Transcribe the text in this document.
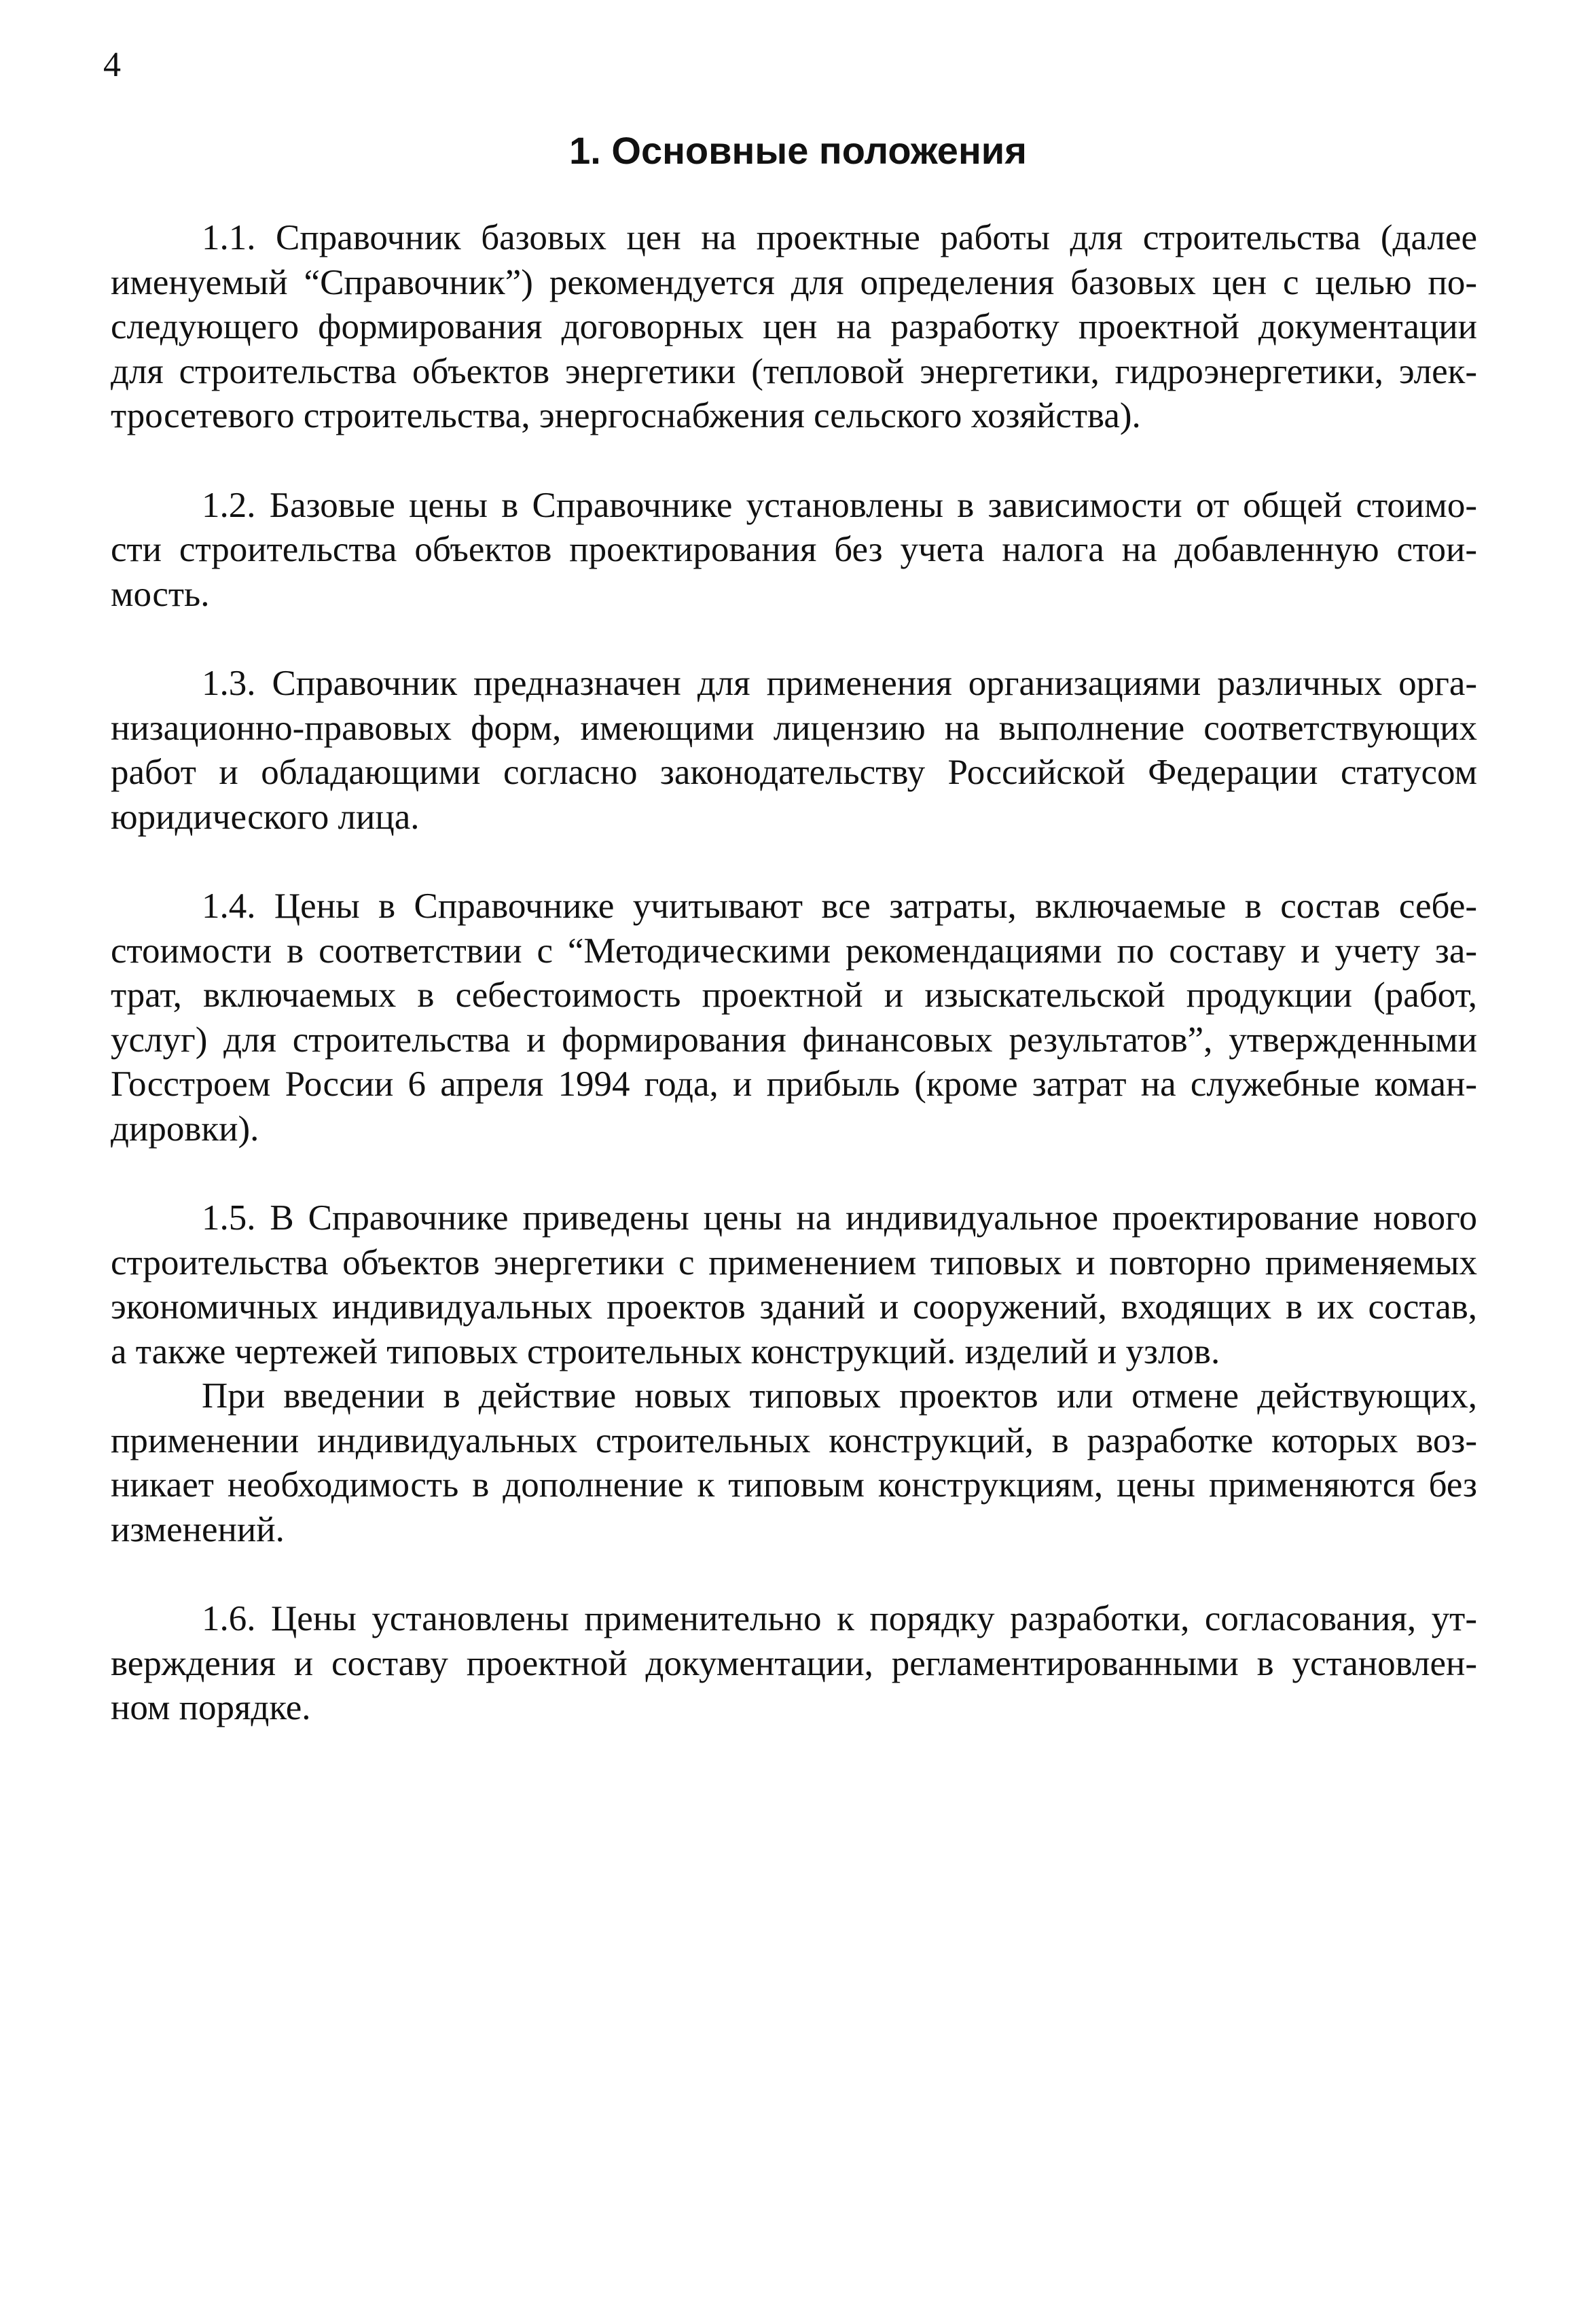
4
1. Основные положения

1.1. Справочник базовых цен на проектные работы для строительства (далее
именуемый “Справочник”) рекомендуется для определения базовых цен с целью по-
следующего формирования договорных цен на разработку проектной документации
для строительства объектов энергетики (тепловой энергетики, гидроэнергетики, элек-
тросетевого строительства, энергоснабжения сельского хозяйства).

1.2. Базовые цены в Справочнике установлены в зависимости от общей стоимо-
сти строительства объектов проектирования без учета налога на добавленную стои-
мость.

1.3. Справочник предназначен для применения организациями различных орга-
низационно-правовых форм, имеющими лицензию на выполнение соответствующих
работ и обладающими согласно законодательству Российской Федерации статусом
юридического лица.

1.4. Цены в Справочнике учитывают все затраты, включаемые в состав себе-
стоимости в соответствии с “Методическими рекомендациями по составу и учету за-
трат, включаемых в себестоимость проектной и изыскательской продукции (работ,
услуг) для строительства и формирования финансовых результатов”, утвержденными
Госстроем России 6 апреля 1994 года, и прибыль (кроме затрат на служебные коман-
дировки).

1.5. В Справочнике приведены цены на индивидуальное проектирование нового
строительства объектов энергетики с применением типовых и повторно применяемых
экономичных индивидуальных проектов зданий и сооружений, входящих в их состав,
а также чертежей типовых строительных конструкций. изделий и узлов.

При введении в действие новых типовых проектов или отмене действующих,
применении индивидуальных строительных конструкций, в разработке которых воз-
никает необходимость в дополнение к типовым конструкциям, цены применяются без
изменений.

1.6. Цены установлены применительно к порядку разработки, согласования, ут-
верждения и составу проектной документации, регламентированными в установлен-
ном порядке.
